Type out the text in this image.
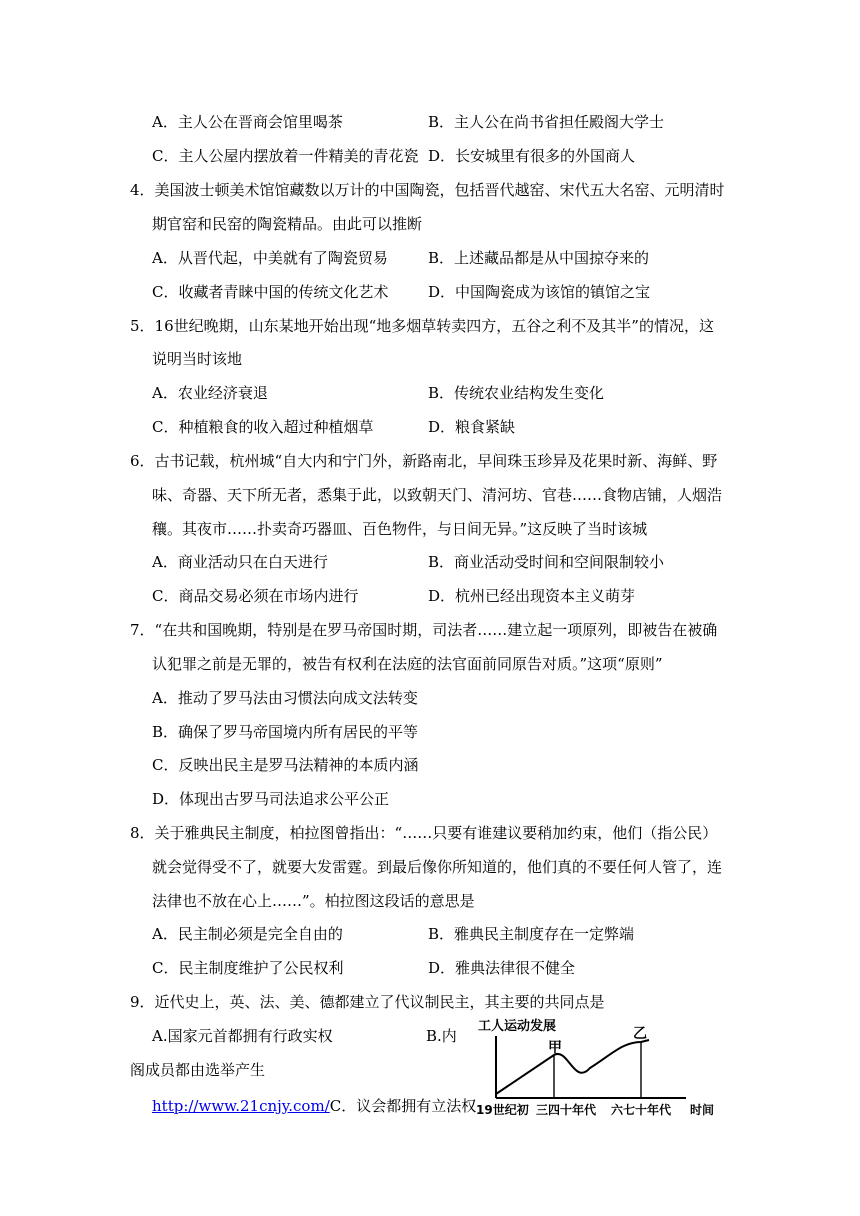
A．主人公在晋商会馆里喝茶	B．主人公在尚书省担任殿阁大学士
C．主人公屋内摆放着一件精美的青花瓷 D．长安城里有很多的外国商人
4．美国波士顿美术馆馆藏数以万计的中国陶瓷，包括晋代越窑、宋代五大名窑、元明清时
期官窑和民窑的陶瓷精品。由此可以推断
A．从晋代起，中美就有了陶瓷贸易	B．上述藏品都是从中国掠夺来的
C．收藏者青睐中国的传统文化艺术	D．中国陶瓷成为该馆的镇馆之宝
5．16世纪晚期，山东某地开始出现“地多烟草转卖四方，五谷之利不及其半”的情况，这
说明当时该地
A．农业经济衰退	B．传统农业结构发生变化
C．种植粮食的收入超过种植烟草	D．粮食紧缺
6．古书记载，杭州城“自大内和宁门外，新路南北，早间珠玉珍异及花果时新、海鲜、野
味、奇器、天下所无者，悉集于此，以致朝天门、清河坊、官巷……食物店铺，人烟浩
穰。其夜市……扑卖奇巧器皿、百色物件，与日间无异。”这反映了当时该城
A．商业活动只在白天进行	B．商业活动受时间和空间限制较小
C．商品交易必须在市场内进行	D．杭州已经出现资本主义萌芽
7．“在共和国晚期，特别是在罗马帝国时期，司法者……建立起一项原列，即被告在被确
认犯罪之前是无罪的，被告有权利在法庭的法官面前同原告对质。”这项“原则”
A．推动了罗马法由习惯法向成文法转变
B．确保了罗马帝国境内所有居民的平等
C．反映出民主是罗马法精神的本质内涵
D．体现出古罗马司法追求公平公正
8．关于雅典民主制度，柏拉图曾指出：“……只要有谁建议要稍加约束，他们（指公民）
就会觉得受不了，就要大发雷霆。到最后像你所知道的，他们真的不要任何人管了，连
法律也不放在心上……”。柏拉图这段话的意思是
A．民主制必须是完全自由的	B．雅典民主制度存在一定弊端
C．民主制度维护了公民权利	D．雅典法律很不健全
9．近代史上，英、法、美、德都建立了代议制民主，其主要的共同点是
A.国家元首都拥有行政实权	B.内
阁成员都由选举产生
http://www.21cnjy.com/C．议会都拥有立法权
工人运动发展
甲
乙
19世纪初 三四十年代 六七十年代 时间
